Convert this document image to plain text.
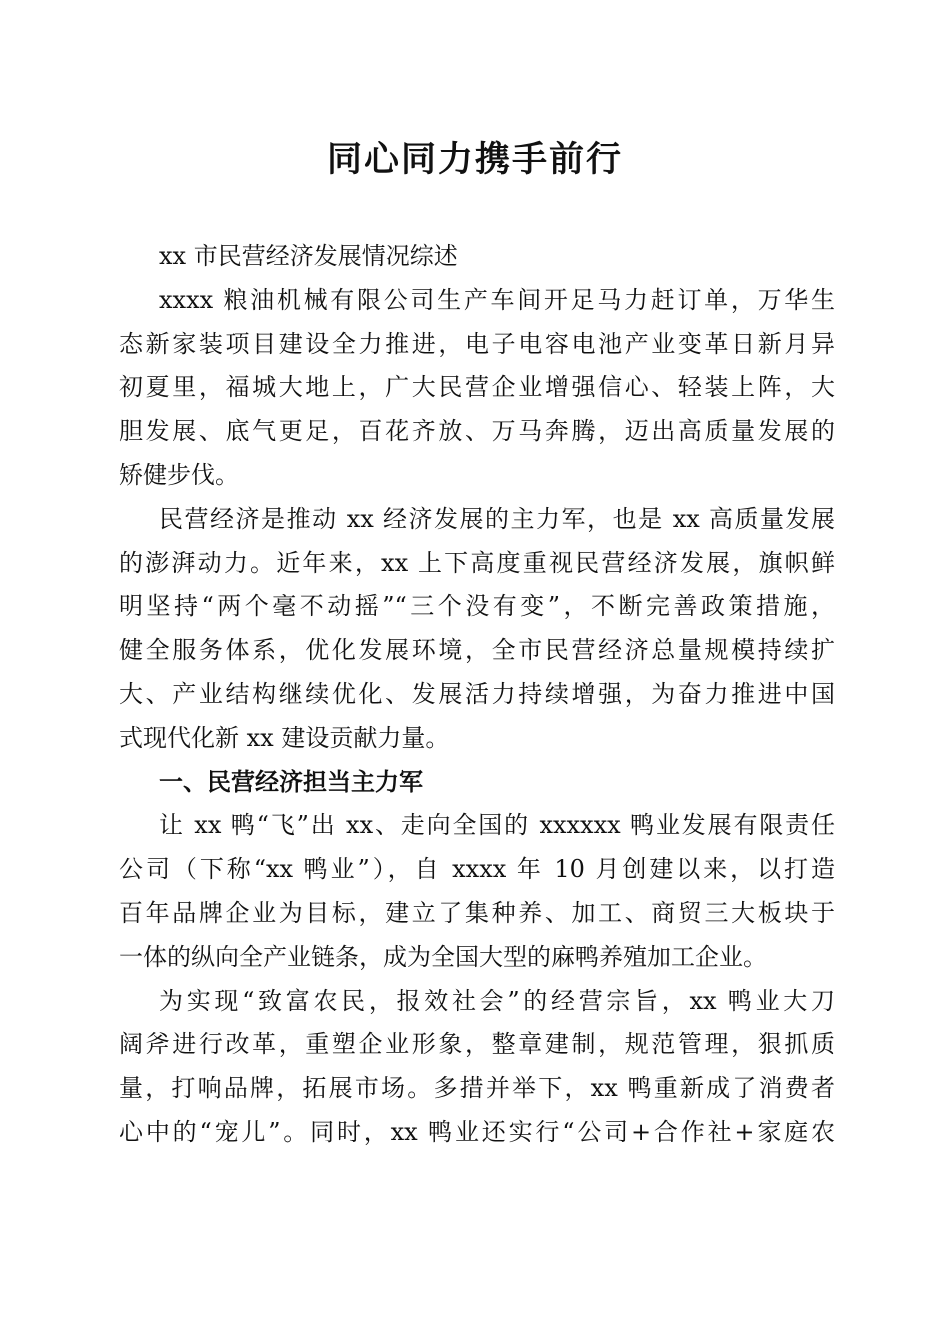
同心同力携手前行
xx 市民营经济发展情况综述
xxxx 粮油机械有限公司生产车间开足马力赶订单，万华生
态新家装项目建设全力推进，电子电容电池产业变革日新月异
初夏里，福城大地上，广大民营企业增强信心、轻装上阵，大
胆发展、底气更足，百花齐放、万马奔腾，迈出高质量发展的
矫健步伐。
民营经济是推动 xx 经济发展的主力军，也是 xx 高质量发展
的澎湃动力。近年来，xx 上下高度重视民营经济发展，旗帜鲜
明坚持“两个毫不动摇”“三个没有变”，不断完善政策措施，
健全服务体系，优化发展环境，全市民营经济总量规模持续扩
大、产业结构继续优化、发展活力持续增强，为奋力推进中国
式现代化新 xx 建设贡献力量。
一、民营经济担当主力军
让 xx 鸭“飞”出 xx、走向全国的 xxxxxx 鸭业发展有限责任
公司（下称“xx 鸭业”），自 xxxx 年 10 月创建以来，以打造
百年品牌企业为目标，建立了集种养、加工、商贸三大板块于
一体的纵向全产业链条，成为全国大型的麻鸭养殖加工企业。
为实现“致富农民，报效社会”的经营宗旨，xx 鸭业大刀
阔斧进行改革，重塑企业形象，整章建制，规范管理，狠抓质
量，打响品牌，拓展市场。多措并举下，xx 鸭重新成了消费者
心中的“宠儿”。同时，xx 鸭业还实行“公司+合作社+家庭农
